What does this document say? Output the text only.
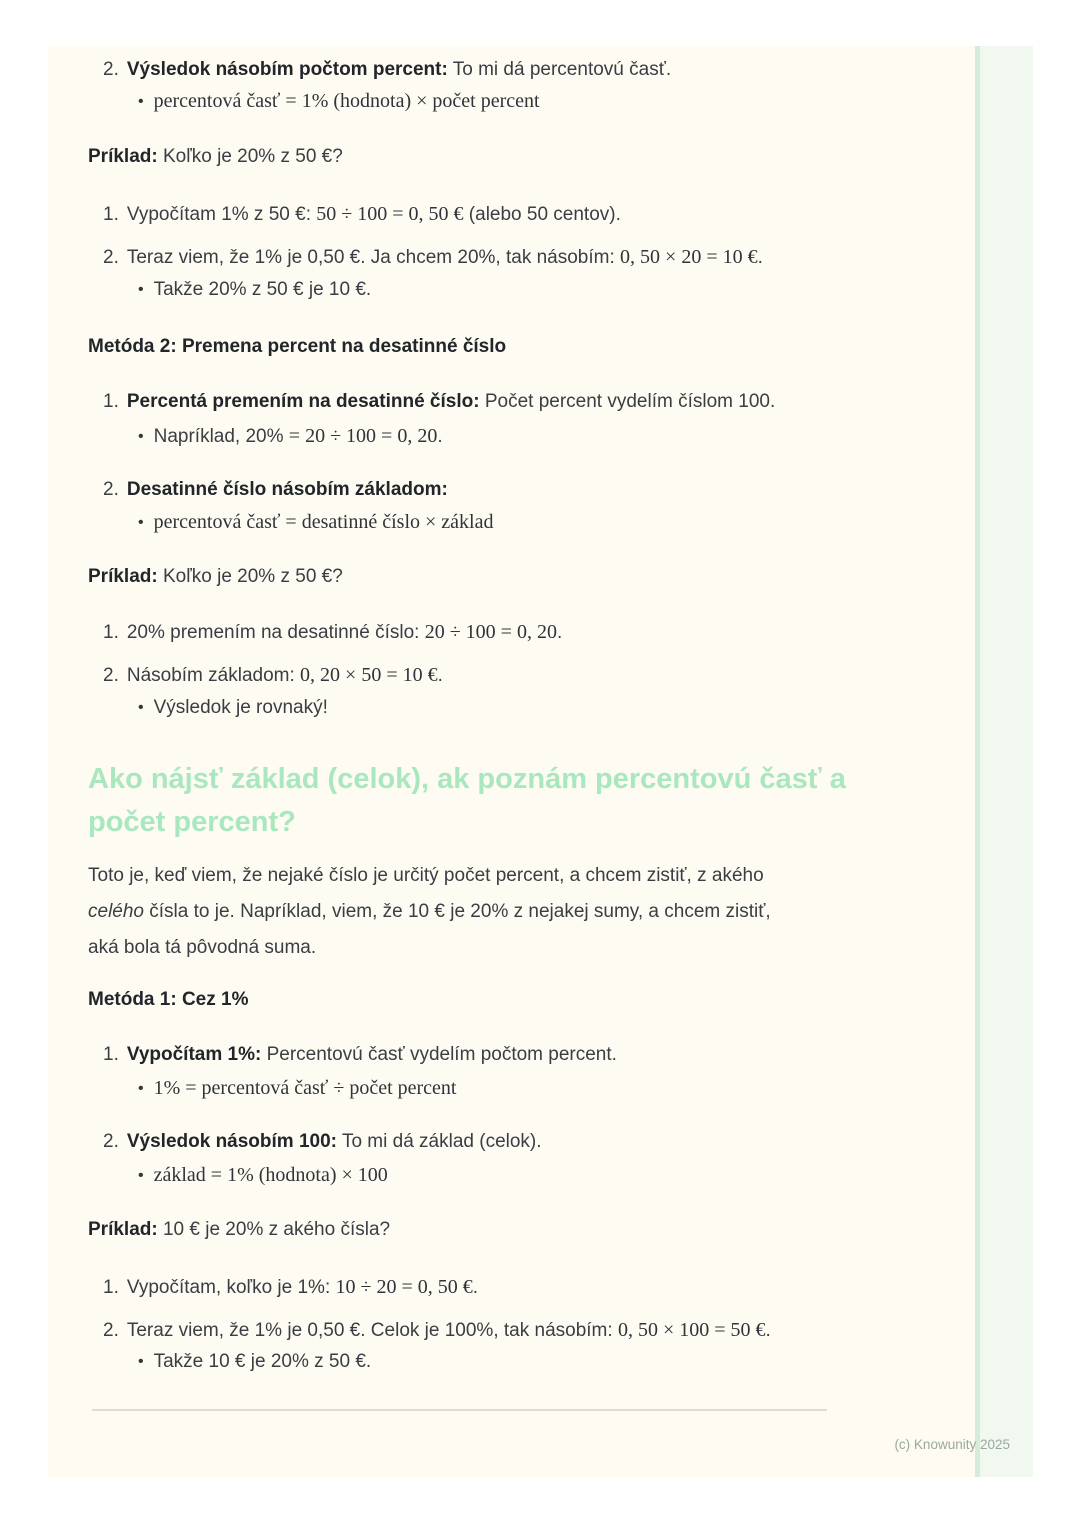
2. Výsledok násobím počtom percent: To mi dá percentovú časť.
• percentová časť = 1% (hodnota) × počet percent
Príklad: Koľko je 20% z 50 €?
1. Vypočítam 1% z 50 €: 50 ÷ 100 = 0, 50 € (alebo 50 centov).
2. Teraz viem, že 1% je 0,50 €. Ja chcem 20%, tak násobím: 0, 50 × 20 = 10 €.
• Takže 20% z 50 € je 10 €.
Metóda 2: Premena percent na desatinné číslo
1. Percentá premením na desatinné číslo: Počet percent vydelím číslom 100.
• Napríklad, 20% = 20 ÷ 100 = 0, 20.
2. Desatinné číslo násobím základom:
• percentová časť = desatinné číslo × základ
Príklad: Koľko je 20% z 50 €?
1. 20% premením na desatinné číslo: 20 ÷ 100 = 0, 20.
2. Násobím základom: 0, 20 × 50 = 10 €.
• Výsledok je rovnaký!
Ako nájsť základ (celok), ak poznám percentovú časť a
počet percent?
Toto je, keď viem, že nejaké číslo je určitý počet percent, a chcem zistiť, z akého
celého čísla to je. Napríklad, viem, že 10 € je 20% z nejakej sumy, a chcem zistiť,
aká bola tá pôvodná suma.
Metóda 1: Cez 1%
1. Vypočítam 1%: Percentovú časť vydelím počtom percent.
• 1% = percentová časť ÷ počet percent
2. Výsledok násobím 100: To mi dá základ (celok).
• základ = 1% (hodnota) × 100
Príklad: 10 € je 20% z akého čísla?
1. Vypočítam, koľko je 1%: 10 ÷ 20 = 0, 50 €.
2. Teraz viem, že 1% je 0,50 €. Celok je 100%, tak násobím: 0, 50 × 100 = 50 €.
• Takže 10 € je 20% z 50 €.
(c) Knowunity 2025
